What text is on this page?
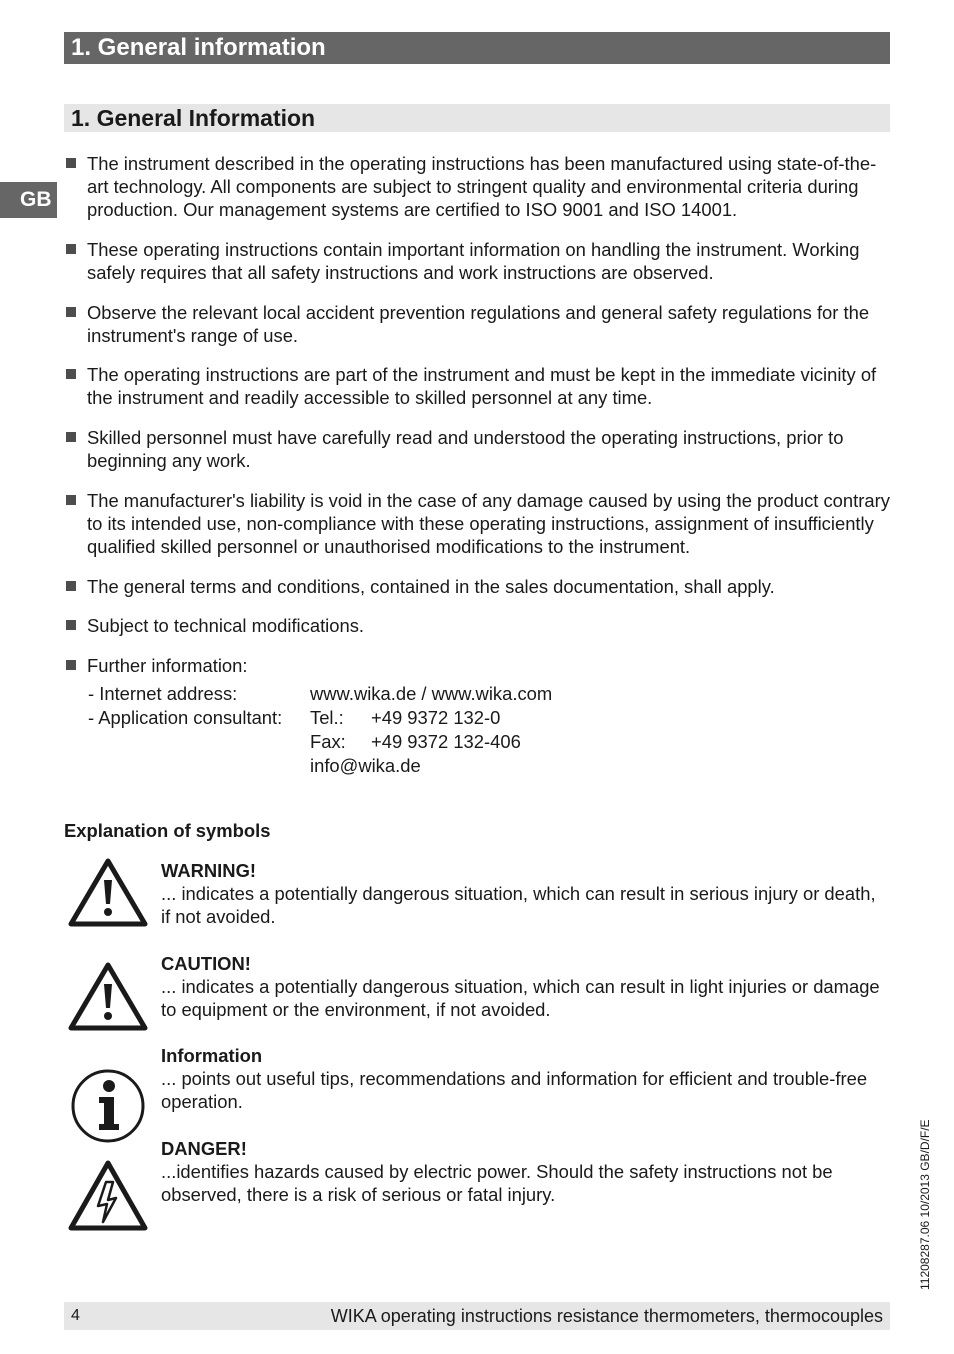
1. General information
1. General Information
GB
The instrument described in the operating instructions has been manufactured using state-of-the-art technology. All components are subject to stringent quality and environmental criteria during production. Our management systems are certified to ISO 9001 and ISO 14001.
These operating instructions contain important information on handling the instrument. Working safely requires that all safety instructions and work instructions are observed.
Observe the relevant local accident prevention regulations and general safety regulations for the instrument's range of use.
The operating instructions are part of the instrument and must be kept in the immediate vicinity of the instrument and readily accessible to skilled personnel at any time.
Skilled personnel must have carefully read and understood the operating instructions, prior to beginning any work.
The manufacturer's liability is void in the case of any damage caused by using the product contrary to its intended use, non-compliance with these operating instructions, assignment of insufficiently qualified skilled personnel or unauthorised modifications to the instrument.
The general terms and conditions, contained in the sales documentation, shall apply.
Subject to technical modifications.
Further information:
- Internet address:	www.wika.de / www.wika.com
- Application consultant: Tel.: +49 9372 132-0
Fax: +49 9372 132-406
info@wika.de
Explanation of symbols
WARNING!
... indicates a potentially dangerous situation, which can result in serious injury or death, if not avoided.
CAUTION!
... indicates a potentially dangerous situation, which can result in light injuries or damage to equipment or the environment, if not avoided.
Information
... points out useful tips, recommendations and information for efficient and trouble-free operation.
DANGER!
...identifies hazards caused by electric power. Should the safety instructions not be observed, there is a risk of serious or fatal injury.	11208287.06 10/2013 GB/D/F/E
4	WIKA operating instructions resistance thermometers, thermocouples
